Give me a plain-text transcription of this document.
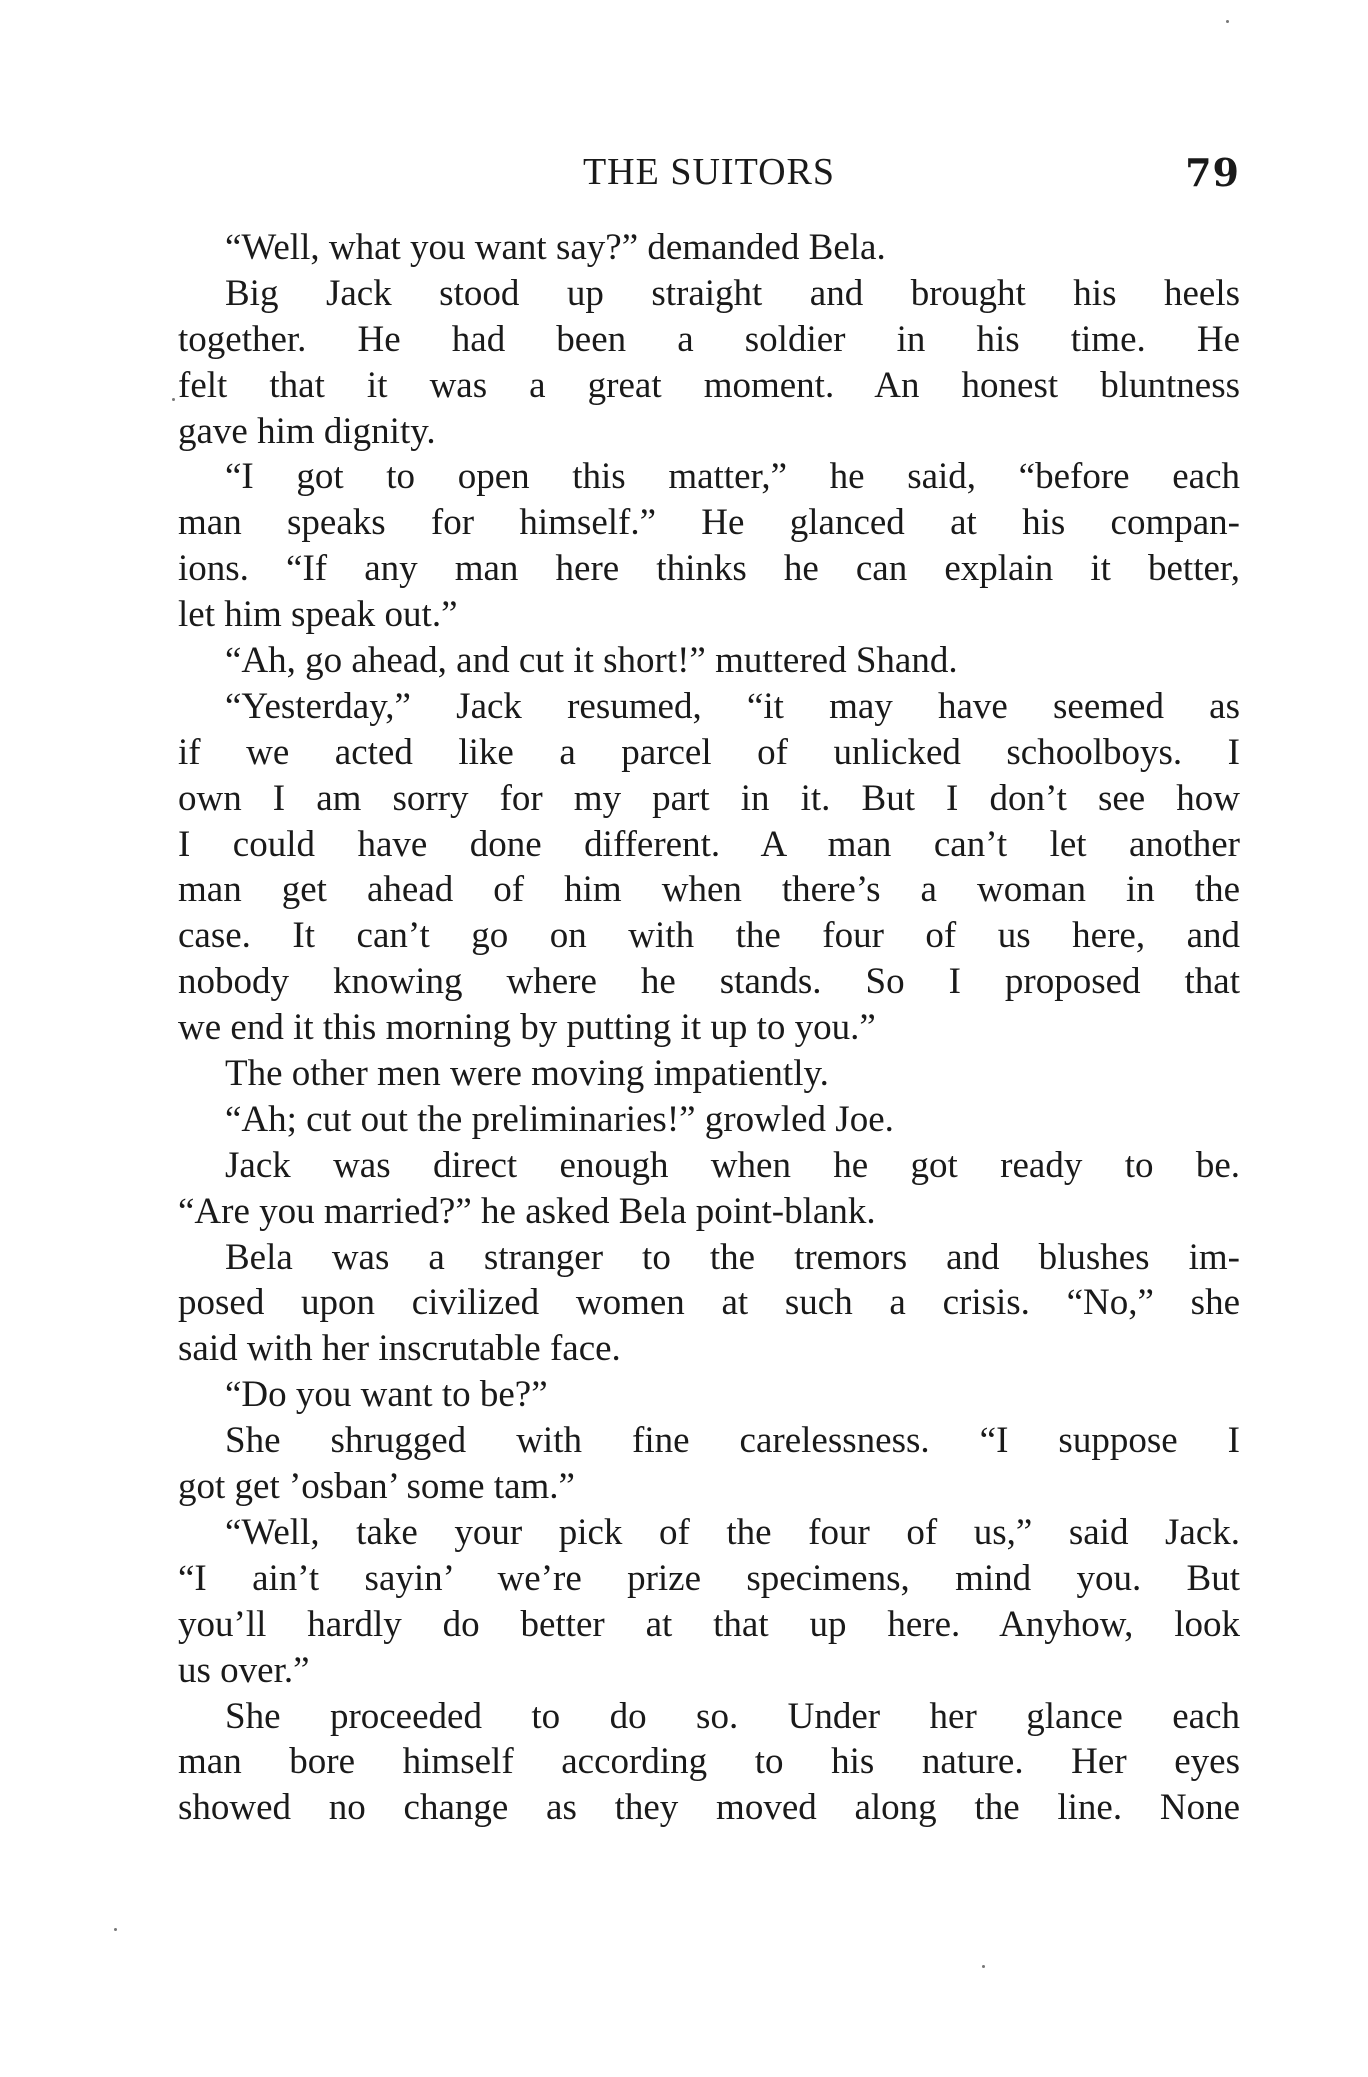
THE SUITORS	79
“Well, what you want say?” demanded Bela.
Big Jack stood up straight and brought his heels
together. He had been a soldier in his time. He
felt that it was a great moment. An honest bluntness
gave him dignity.
“I got to open this matter,” he said, “before each
man speaks for himself.” He glanced at his compan-
ions. “If any man here thinks he can explain it better,
let him speak out.”
“Ah, go ahead, and cut it short!” muttered Shand.
“Yesterday,” Jack resumed, “it may have seemed as
if we acted like a parcel of unlicked schoolboys. I
own I am sorry for my part in it. But I don’t see how
I could have done different. A man can’t let another
man get ahead of him when there’s a woman in the
case. It can’t go on with the four of us here, and
nobody knowing where he stands. So I proposed that
we end it this morning by putting it up to you.”
The other men were moving impatiently.
“Ah; cut out the preliminaries!” growled Joe.
Jack was direct enough when he got ready to be.
“Are you married?” he asked Bela point-blank.
Bela was a stranger to the tremors and blushes im-
posed upon civilized women at such a crisis. “No,” she
said with her inscrutable face.
“Do you want to be?”
She shrugged with fine carelessness. “I suppose I
got get ’osban’ some tam.”
“Well, take your pick of the four of us,” said Jack.
“I ain’t sayin’ we’re prize specimens, mind you. But
you’ll hardly do better at that up here. Anyhow, look
us over.”
She proceeded to do so. Under her glance each
man bore himself according to his nature. Her eyes
showed no change as they moved along the line. None
